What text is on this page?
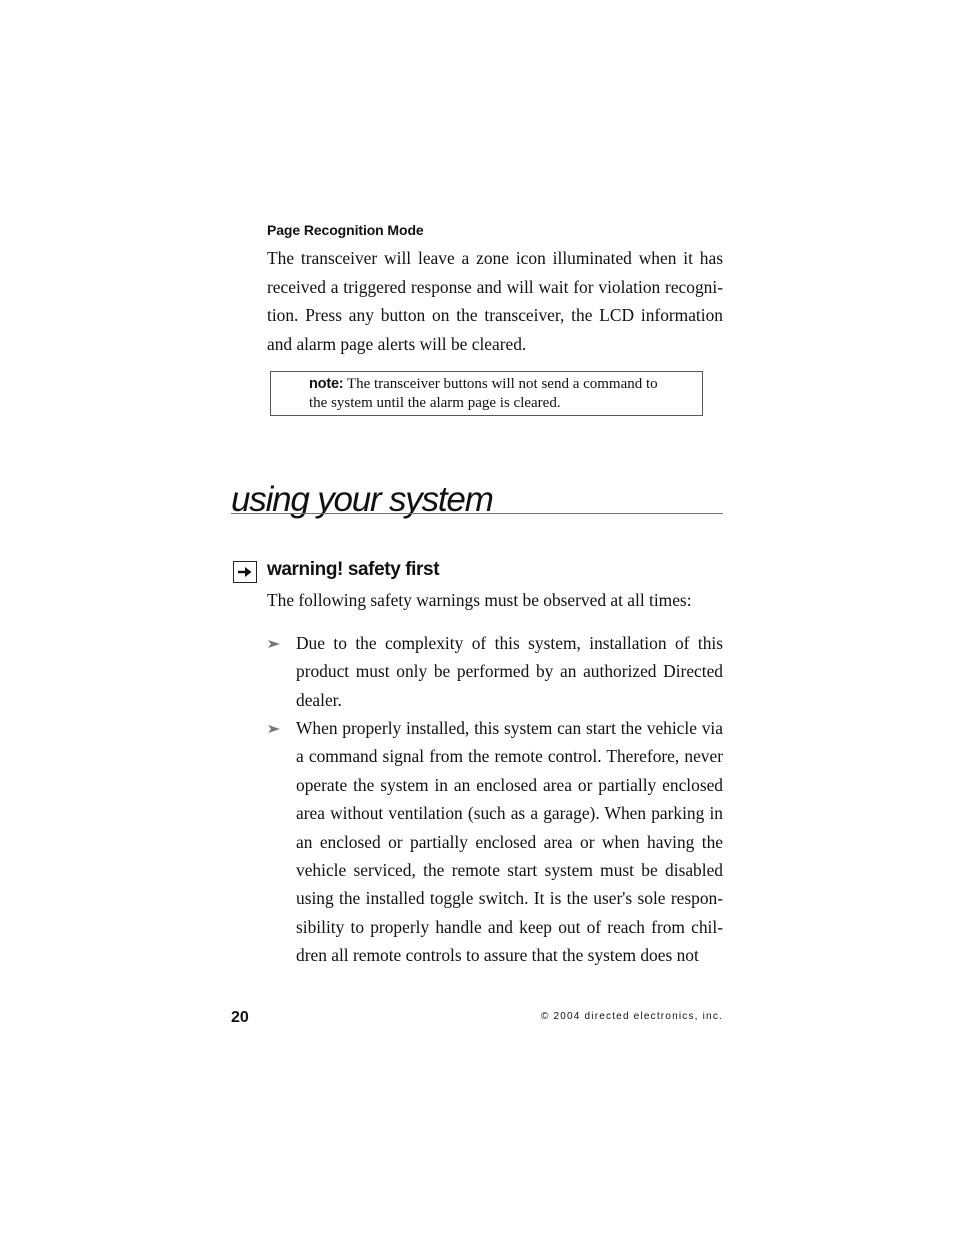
Page Recognition Mode
The transceiver will leave a zone icon illuminated when it has received a triggered response and will wait for violation recogni-tion. Press any button on the transceiver, the LCD information and alarm page alerts will be cleared.
note: The transceiver buttons will not send a command to the system until the alarm page is cleared.
using your system
warning! safety first
The following safety warnings must be observed at all times:
Due to the complexity of this system, installation of this product must only be performed by an authorized Directed dealer.
When properly installed, this system can start the vehicle via a command signal from the remote control. Therefore, never operate the system in an enclosed area or partially enclosed area without ventilation (such as a garage). When parking in an enclosed or partially enclosed area or when having the vehicle serviced, the remote start system must be disabled using the installed toggle switch. It is the user's sole respon-sibility to properly handle and keep out of reach from chil-dren all remote controls to assure that the system does not
20	© 2004 directed electronics, inc.
